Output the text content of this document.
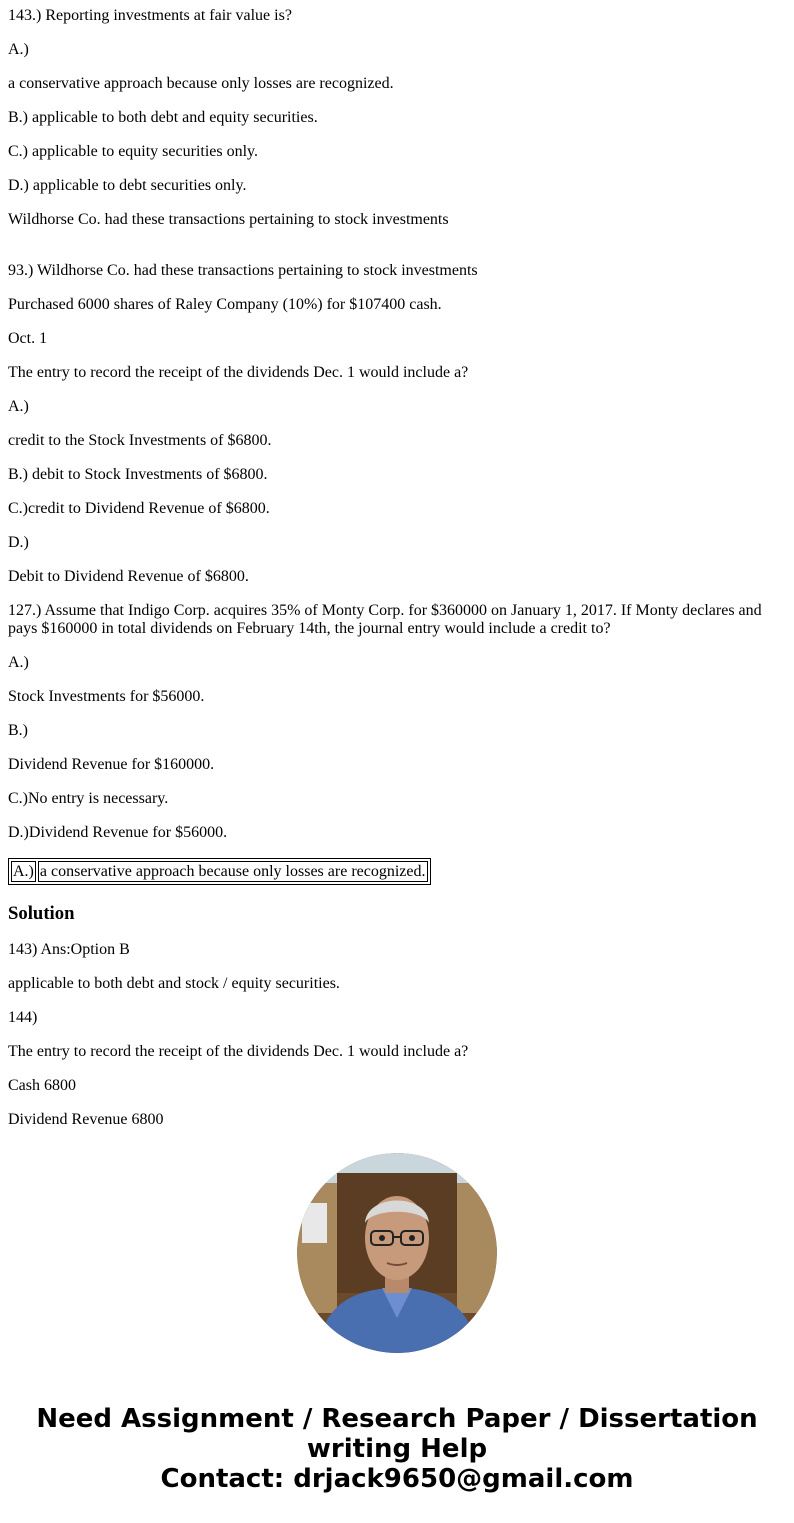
143.) Reporting investments at fair value is?

A.)

a conservative approach because only losses are recognized.

B.) applicable to both debt and equity securities.

C.) applicable to equity securities only.

D.) applicable to debt securities only.

Wildhorse Co. had these transactions pertaining to stock investments

93.) Wildhorse Co. had these transactions pertaining to stock investments

Purchased 6000 shares of Raley Company (10%) for $107400 cash.

Oct. 1

The entry to record the receipt of the dividends Dec. 1 would include a?

A.)

credit to the Stock Investments of $6800.

B.) debit to Stock Investments of $6800.

C.)credit to Dividend Revenue of $6800.

D.)

Debit to Dividend Revenue of $6800.

127.) Assume that Indigo Corp. acquires 35% of Monty Corp. for $360000 on January 1, 2017. If Monty declares and pays $160000 in total dividends on February 14th, the journal entry would include a credit to?

A.)

Stock Investments for $56000.

B.)

Dividend Revenue for $160000.

C.)No entry is necessary.

D.)Dividend Revenue for $56000.

A.)	a conservative approach because only losses are recognized.
Solution

143) Ans:Option B

applicable to both debt and stock / equity securities.

144)

The entry to record the receipt of the dividends Dec. 1 would include a?

Cash 6800

Dividend Revenue 6800

Need Assignment / Research Paper / Dissertation
writing Help
Contact: drjack9650@gmail.com
